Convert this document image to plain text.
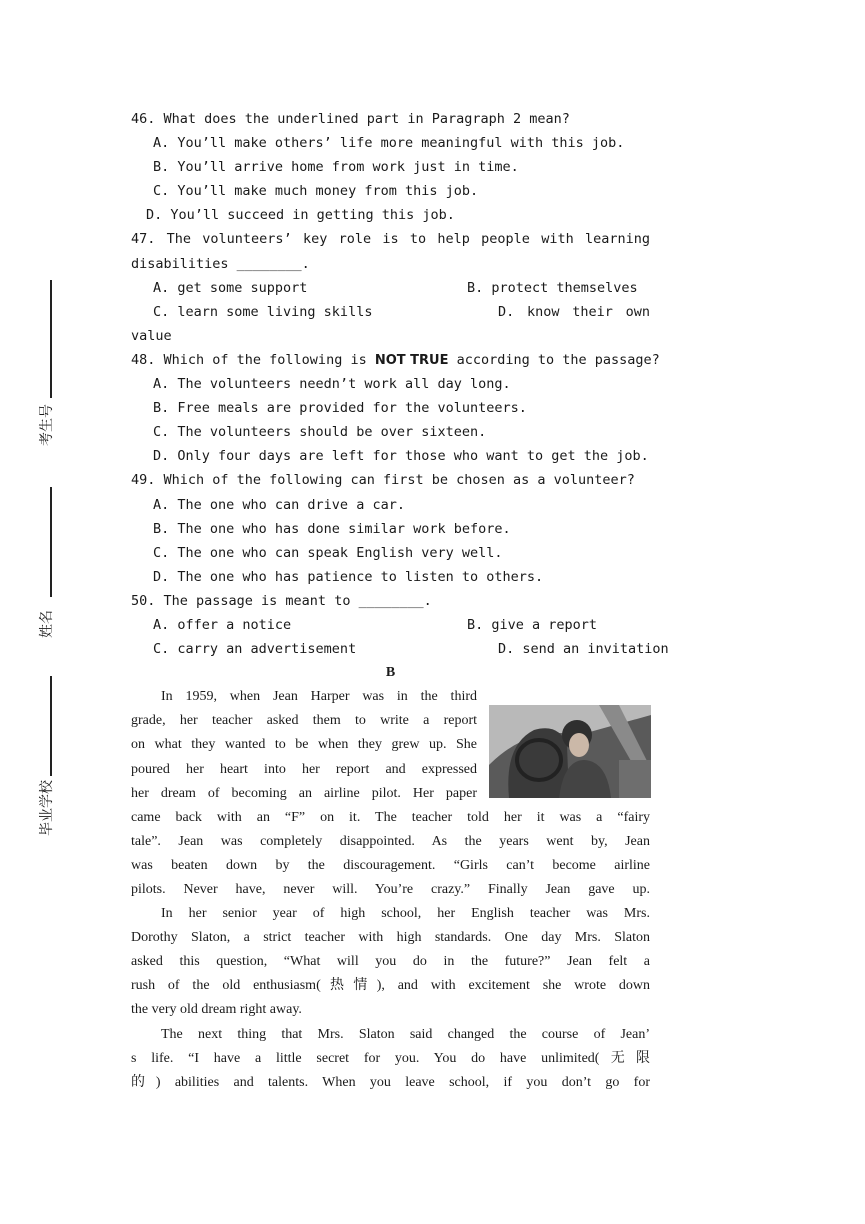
考生号
姓名
毕业学校
46. What does the underlined part in Paragraph 2 mean?
A. You’ll make others’ life more meaningful with this job.
B. You’ll arrive home from work just in time.
C. You’ll make much money from this job.
D. You’ll succeed in getting this job.
47. The volunteers’ key role is to help people with learning
disabilities ________.
A. get some support	B. protect themselves
C. learn some living skills	D. know their own
value
48. Which of the following is NOT TRUE according to the passage?
A. The volunteers needn’t work all day long.
B. Free meals are provided for the volunteers.
C. The volunteers should be over sixteen.
D. Only four days are left for those who want to get the job.
49. Which of the following can first be chosen as a volunteer?
A. The one who can drive a car.
B. The one who has done similar work before.
C. The one who can speak English very well.
D. The one who has patience to listen to others.
50. The passage is meant to ________.
A. offer a notice	B. give a report
C. carry an advertisement	D. send an invitation
B
In 1959, when Jean Harper was in the third
grade, her teacher asked them to write a report
on what they wanted to be when they grew up. She
poured her heart into her report and expressed
her dream of becoming an airline pilot. Her paper
came back with an “F” on it. The teacher told her it was a “fairy
tale”. Jean was completely disappointed. As the years went by, Jean
was beaten down by the discouragement. “Girls can’t become airline
pilots. Never have, never will. You’re crazy.” Finally Jean gave up.
In her senior year of high school, her English teacher was Mrs.
Dorothy Slaton, a strict teacher with high standards. One day Mrs. Slaton
asked this question, “What will you do in the future?” Jean felt a
rush of the old enthusiasm(热情), and with excitement she wrote down
the very old dream right away.
The next thing that Mrs. Slaton said changed the course of Jean’
s life. “I have a little secret for you. You do have unlimited(无限
的) abilities and talents. When you leave school, if you don’t go for
